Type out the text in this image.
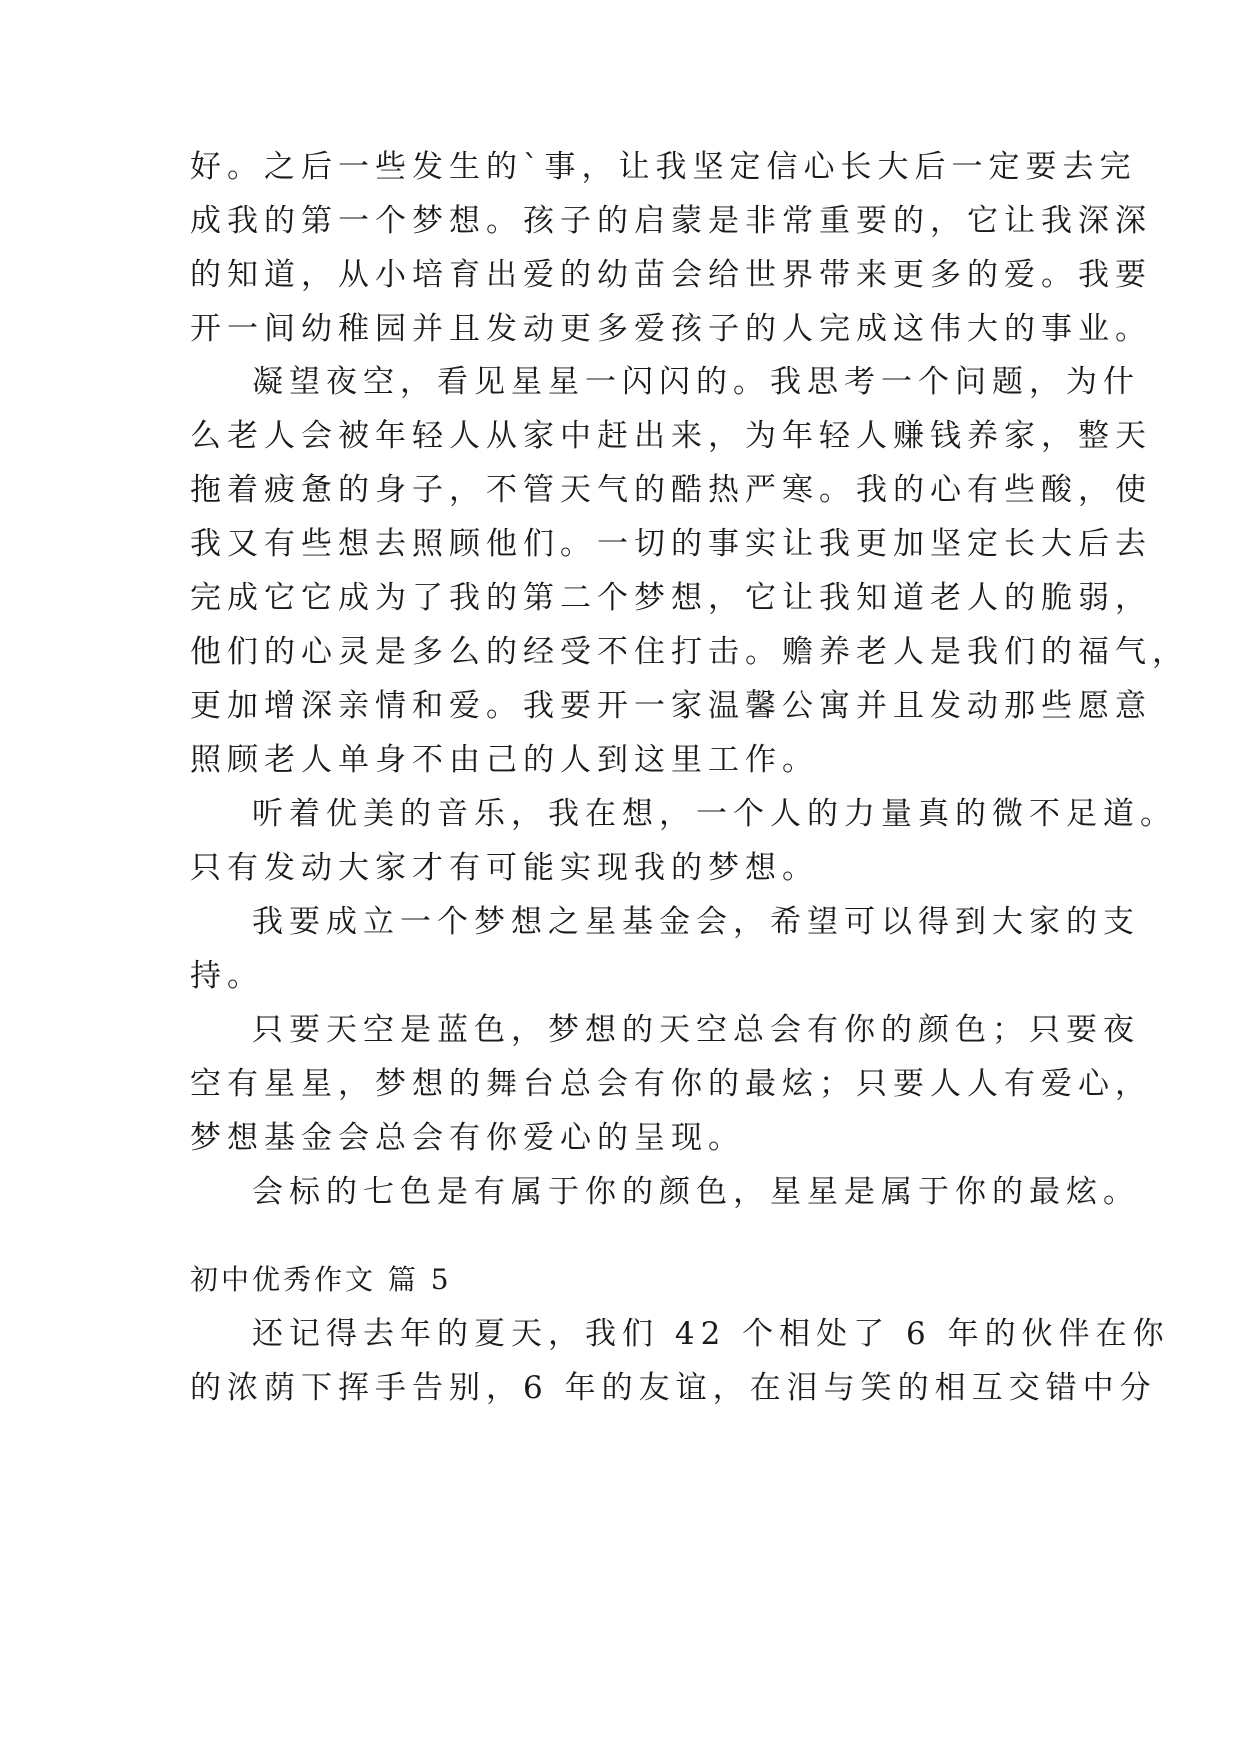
好。之后一些发生的`事，让我坚定信心长大后一定要去完
成我的第一个梦想。孩子的启蒙是非常重要的，它让我深深
的知道，从小培育出爱的幼苗会给世界带来更多的爱。我要
开一间幼稚园并且发动更多爱孩子的人完成这伟大的事业。
凝望夜空，看见星星一闪闪的。我思考一个问题，为什
么老人会被年轻人从家中赶出来，为年轻人赚钱养家，整天
拖着疲惫的身子，不管天气的酷热严寒。我的心有些酸，使
我又有些想去照顾他们。一切的事实让我更加坚定长大后去
完成它它成为了我的第二个梦想，它让我知道老人的脆弱，
他们的心灵是多么的经受不住打击。赡养老人是我们的福气，
更加增深亲情和爱。我要开一家温馨公寓并且发动那些愿意
照顾老人单身不由己的人到这里工作。
听着优美的音乐，我在想，一个人的力量真的微不足道。
只有发动大家才有可能实现我的梦想。
我要成立一个梦想之星基金会，希望可以得到大家的支
持。
只要天空是蓝色，梦想的天空总会有你的颜色；只要夜
空有星星，梦想的舞台总会有你的最炫；只要人人有爱心，
梦想基金会总会有你爱心的呈现。
会标的七色是有属于你的颜色，星星是属于你的最炫。
初中优秀作文 篇 5
还记得去年的夏天，我们 42 个相处了 6 年的伙伴在你
的浓荫下挥手告别，6 年的友谊，在泪与笑的相互交错中分
